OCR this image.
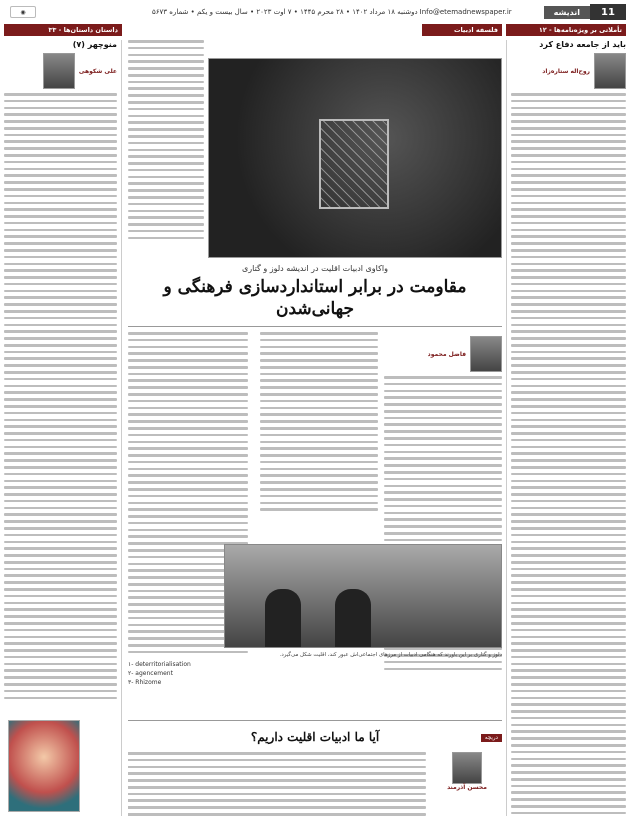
11
اندیشه
Info@etemadnewspaper.ir
دوشنبه ۱۸ مرداد ۱۴۰۲ • ۲۸ محرم ۱۴۴۵ • ۷ اوت ۲۰۲۳ • سال بیست و یکم • شماره ۵۶۷۳
◉
تأملاتی بر ویژه‌نامه‌ها - ۱۲
فلسفه ادبیات
داستان داستان‌ها - ۳۳
باید از جامعه دفاع کرد
روح‌اله ستاره‌زاد
منوچهر (۷)
علی شکوهی
واکاوی ادبیات اقلیت در اندیشه دلوز و گتاری
مقاومت در برابر استانداردسازی فرهنگی و جهانی‌شدن
فاضل محمود
دلوز و گتاری بر این باورند که هنگامی ادبیات از مرزهای اجتماعی‌اش عبور کند، اقلیت شکل می‌گیرد.
۱- deterritorialisation
۲- agencement
۳- Rhizome
دریچه
آیا ما ادبیات اقلیت داریم؟
محسن آذرمند
